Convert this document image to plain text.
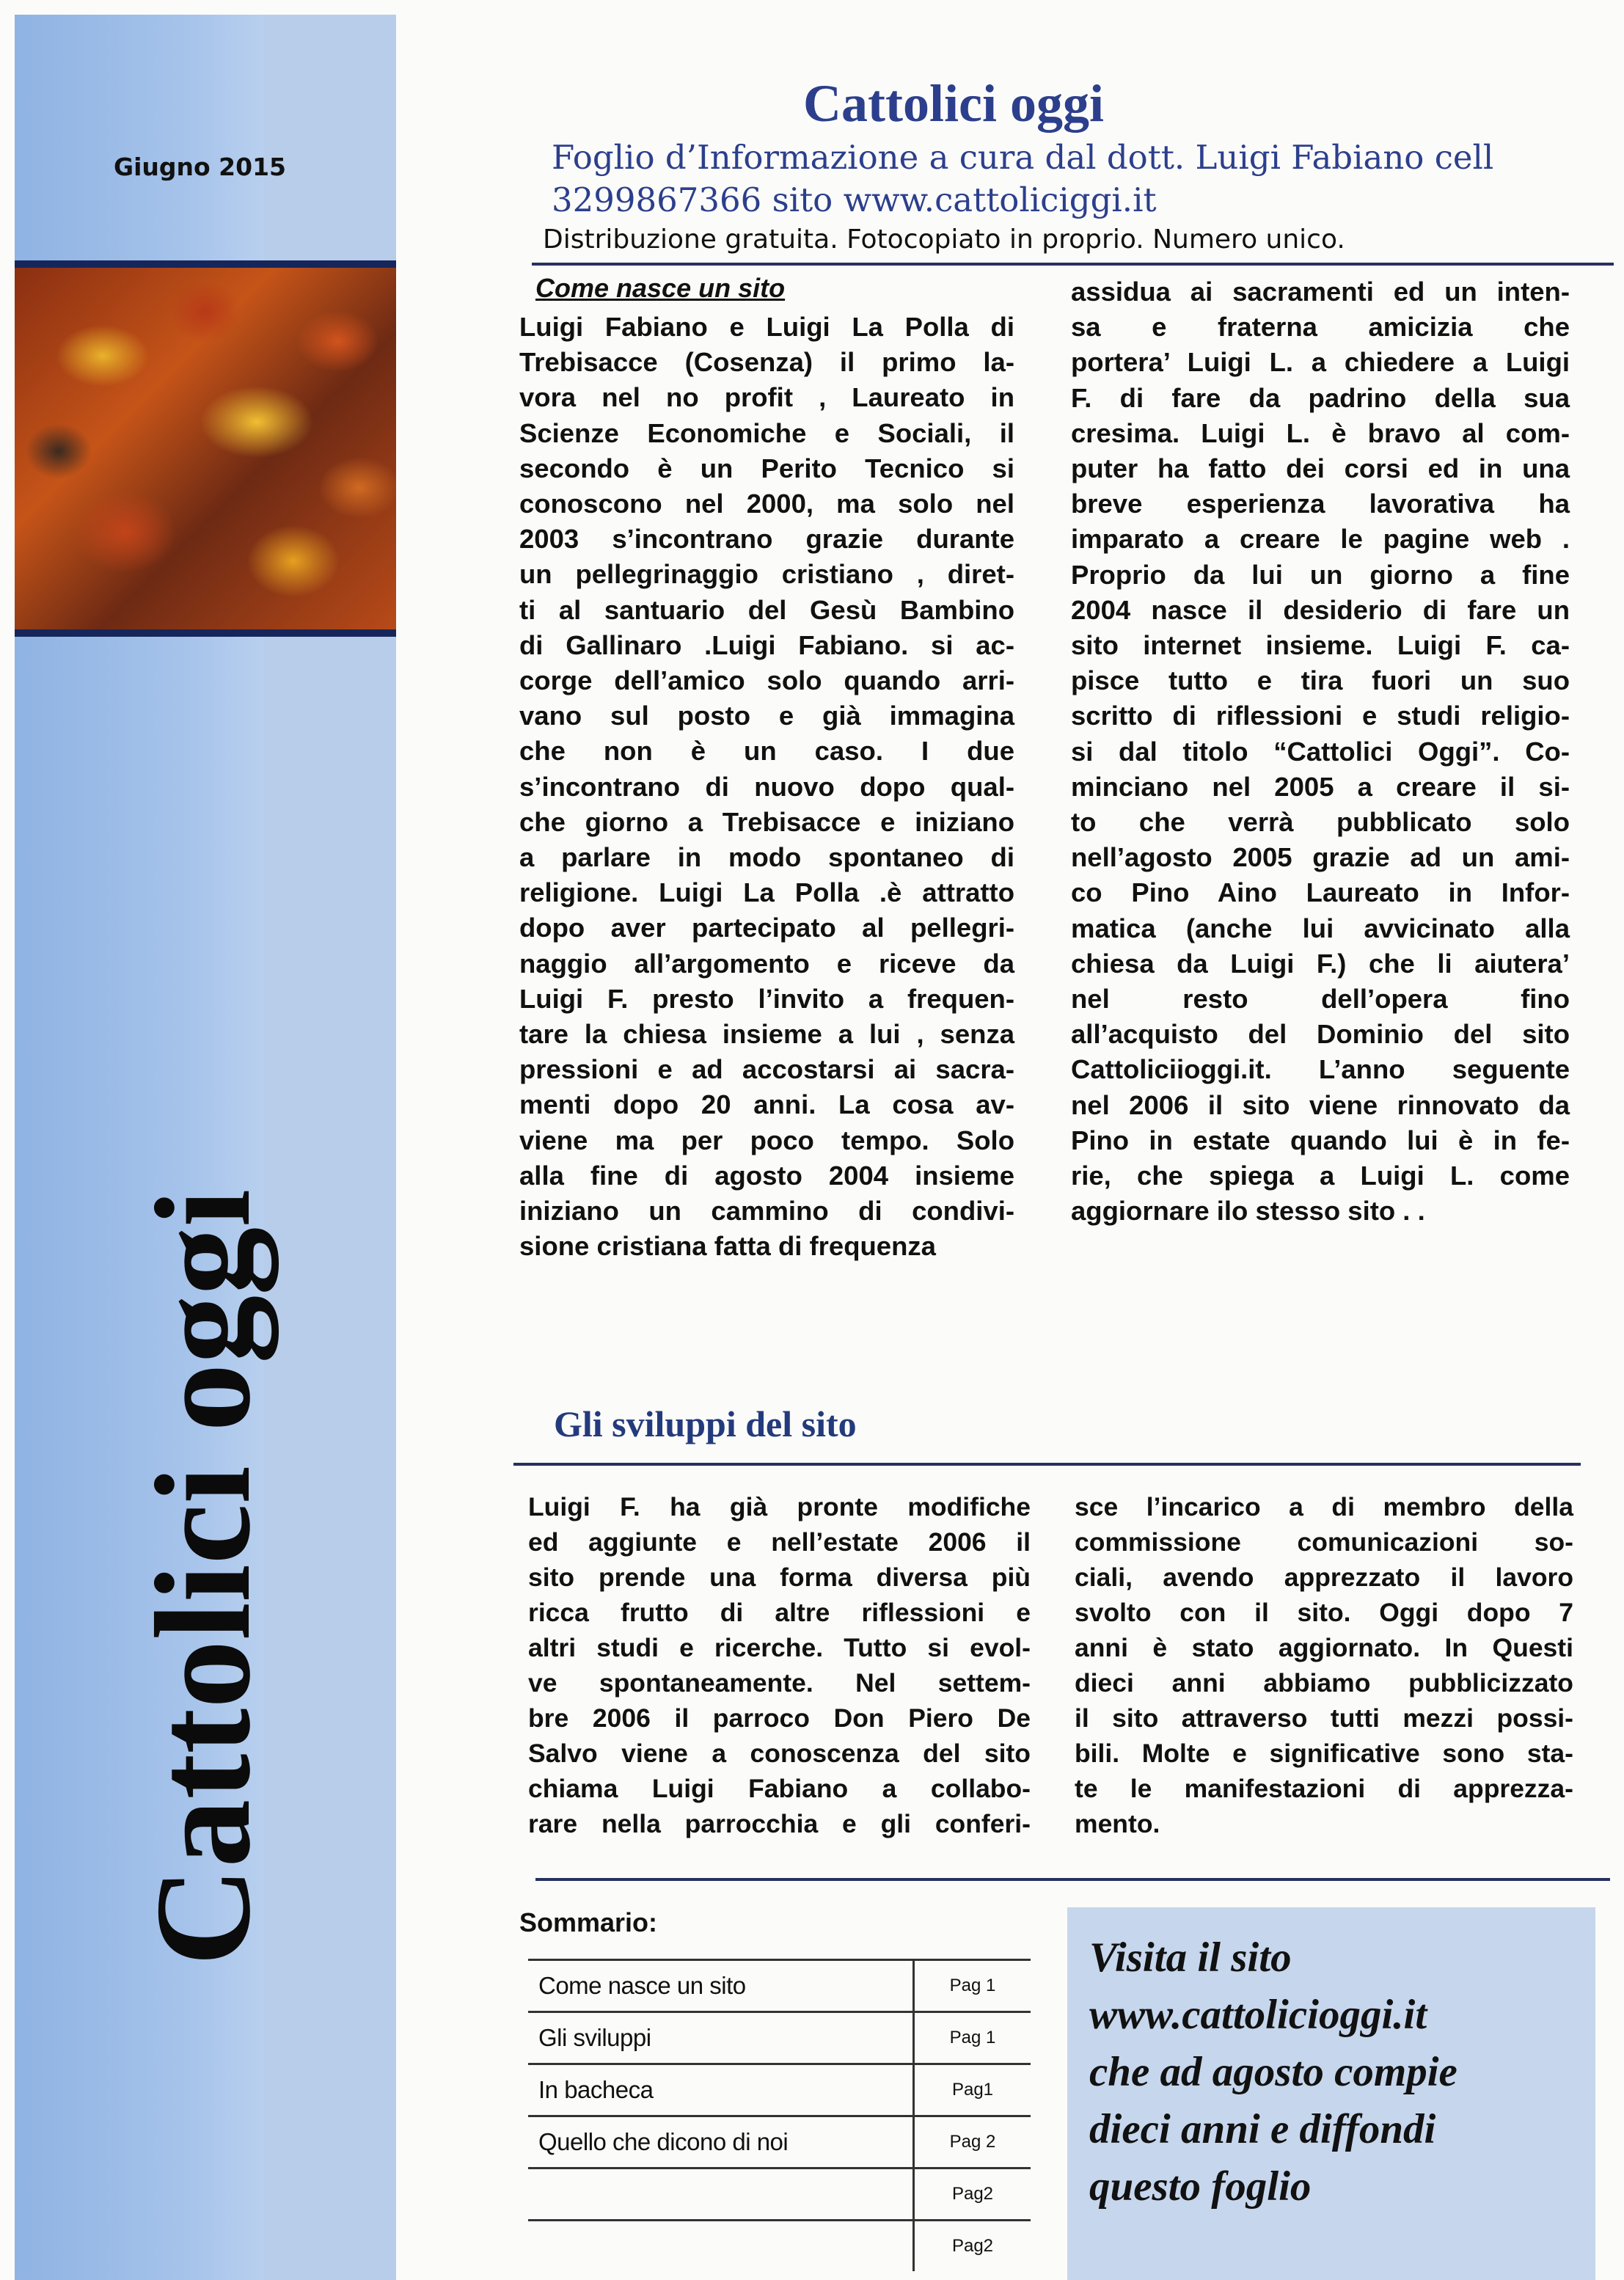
Giugno 2015
Cattolici oggi
Cattolici oggi
Foglio d’Informazione a cura dal dott. Luigi Fabiano cell
3299867366 sito www.cattoliciggi.it
Distribuzione gratuita. Fotocopiato in proprio. Numero unico.
Come nasce un sito
Luigi Fabiano e Luigi La Polla di
Trebisacce (Cosenza) il primo la-
vora nel no profit , Laureato in
Scienze Economiche e Sociali, il
secondo è un Perito Tecnico si
conoscono nel 2000, ma solo nel
2003 s’incontrano grazie durante
un pellegrinaggio cristiano , diret-
ti al santuario del Gesù Bambino
di Gallinaro .Luigi Fabiano. si ac-
corge dell’amico solo quando arri-
vano sul posto e già immagina
che non è un caso. I due
s’incontrano di nuovo dopo qual-
che giorno a Trebisacce e iniziano
a parlare in modo spontaneo di
religione. Luigi La Polla .è attratto
dopo aver partecipato al pellegri-
naggio all’argomento e riceve da
Luigi F. presto l’invito a frequen-
tare la chiesa insieme a lui , senza
pressioni e ad accostarsi ai sacra-
menti dopo 20 anni. La cosa av-
viene ma per poco tempo. Solo
alla fine di agosto 2004 insieme
iniziano un cammino di condivi-
sione cristiana fatta di frequenza
assidua ai sacramenti ed un inten-
sa e fraterna amicizia che
portera’ Luigi L. a chiedere a Luigi
F. di fare da padrino della sua
cresima. Luigi L. è bravo al com-
puter ha fatto dei corsi ed in una
breve esperienza lavorativa ha
imparato a creare le pagine web .
Proprio da lui un giorno a fine
2004 nasce il desiderio di fare un
sito internet insieme. Luigi F. ca-
pisce tutto e tira fuori un suo
scritto di riflessioni e studi religio-
si dal titolo “Cattolici Oggi”. Co-
minciano nel 2005 a creare il si-
to che verrà pubblicato solo
nell’agosto 2005 grazie ad un ami-
co Pino Aino Laureato in Infor-
matica (anche lui avvicinato alla
chiesa da Luigi F.) che li aiutera’
nel resto dell’opera fino
all’acquisto del Dominio del sito
Cattoliciioggi.it. L’anno seguente
nel 2006 il sito viene rinnovato da
Pino in estate quando lui è in fe-
rie, che spiega a Luigi L. come
aggiornare ilo stesso sito . .
Gli sviluppi del sito
Luigi F. ha già pronte modifiche
ed aggiunte e nell’estate 2006 il
sito prende una forma diversa più
ricca frutto di altre riflessioni e
altri studi e ricerche. Tutto si evol-
ve spontaneamente. Nel settem-
bre 2006 il parroco Don Piero De
Salvo viene a conoscenza del sito
chiama Luigi Fabiano a collabo-
rare nella parrocchia e gli conferi-
sce l’incarico a di membro della
commissione comunicazioni so-
ciali, avendo apprezzato il lavoro
svolto con il sito. Oggi dopo 7
anni è stato aggiornato. In Questi
dieci anni abbiamo pubblicizzato
il sito attraverso tutti mezzi possi-
bili. Molte e significative sono sta-
te le manifestazioni di apprezza-
mento.
Sommario:
Come nasce un sito	Pag 1
Gli sviluppi	Pag 1
In bacheca	Pag1
Quello che dicono di noi	Pag 2
	Pag2
	Pag2
Visita il sito
www.cattolicioggi.it
che ad agosto compie
dieci anni e diffondi
questo foglio
